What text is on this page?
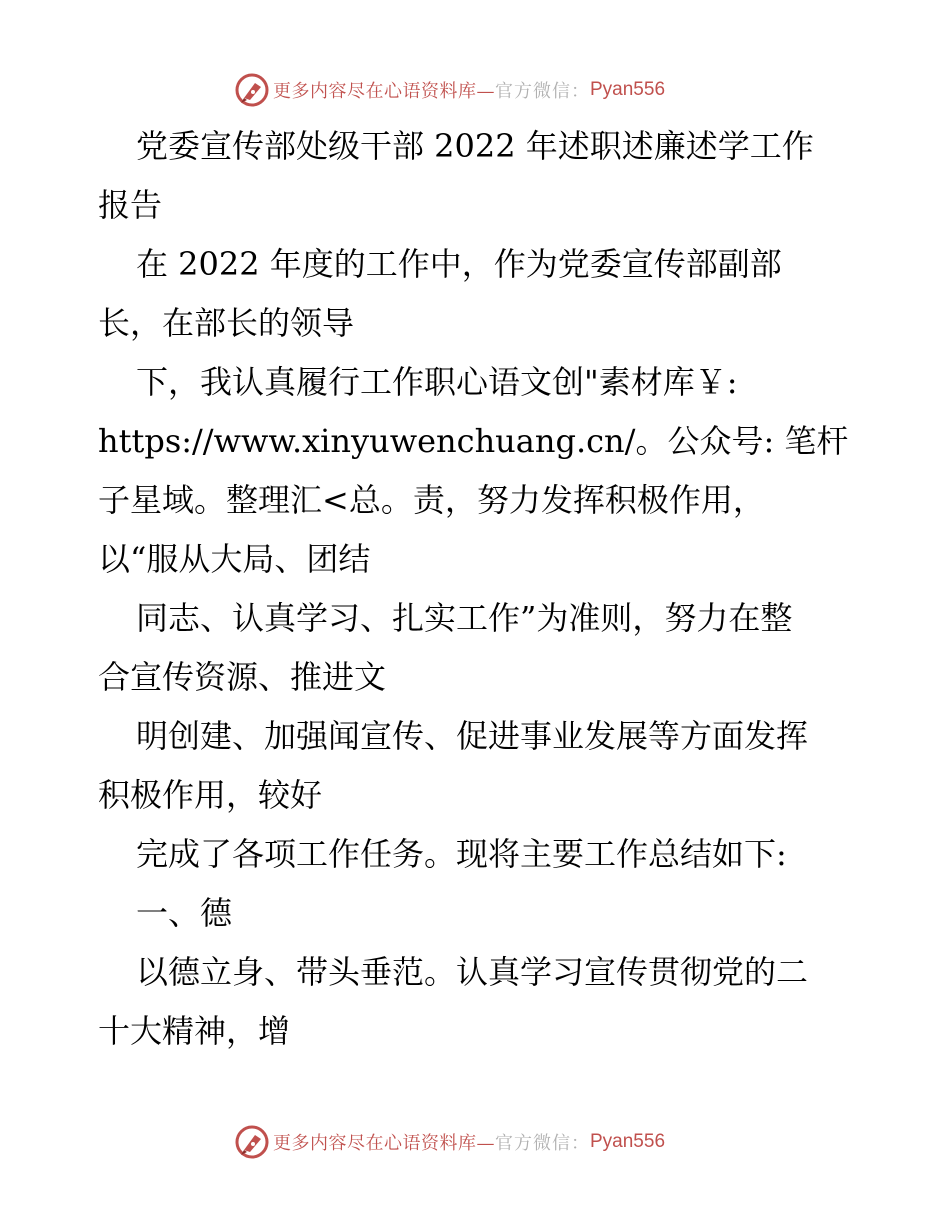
更多内容尽在心语资料库— 官方微信： Pyan556
党委宣传部处级干部 2022 年述职述廉述学工作
报告
在 2022 年度的工作中，作为党委宣传部副部
长，在部长的领导
下，我认真履行工作职心语文创"素材库￥:
https://www.xinyuwenchuang.cn/。公众号: 笔杆
子星域。整理汇<总。责，努力发挥积极作用，
以“服从大局、团结
同志、认真学习、扎实工作”为准则，努力在整
合宣传资源、推进文
明创建、加强闻宣传、促进事业发展等方面发挥
积极作用，较好
完成了各项工作任务。现将主要工作总结如下:
一、德
以德立身、带头垂范。认真学习宣传贯彻党的二
十大精神，增
更多内容尽在心语资料库— 官方微信： Pyan556
